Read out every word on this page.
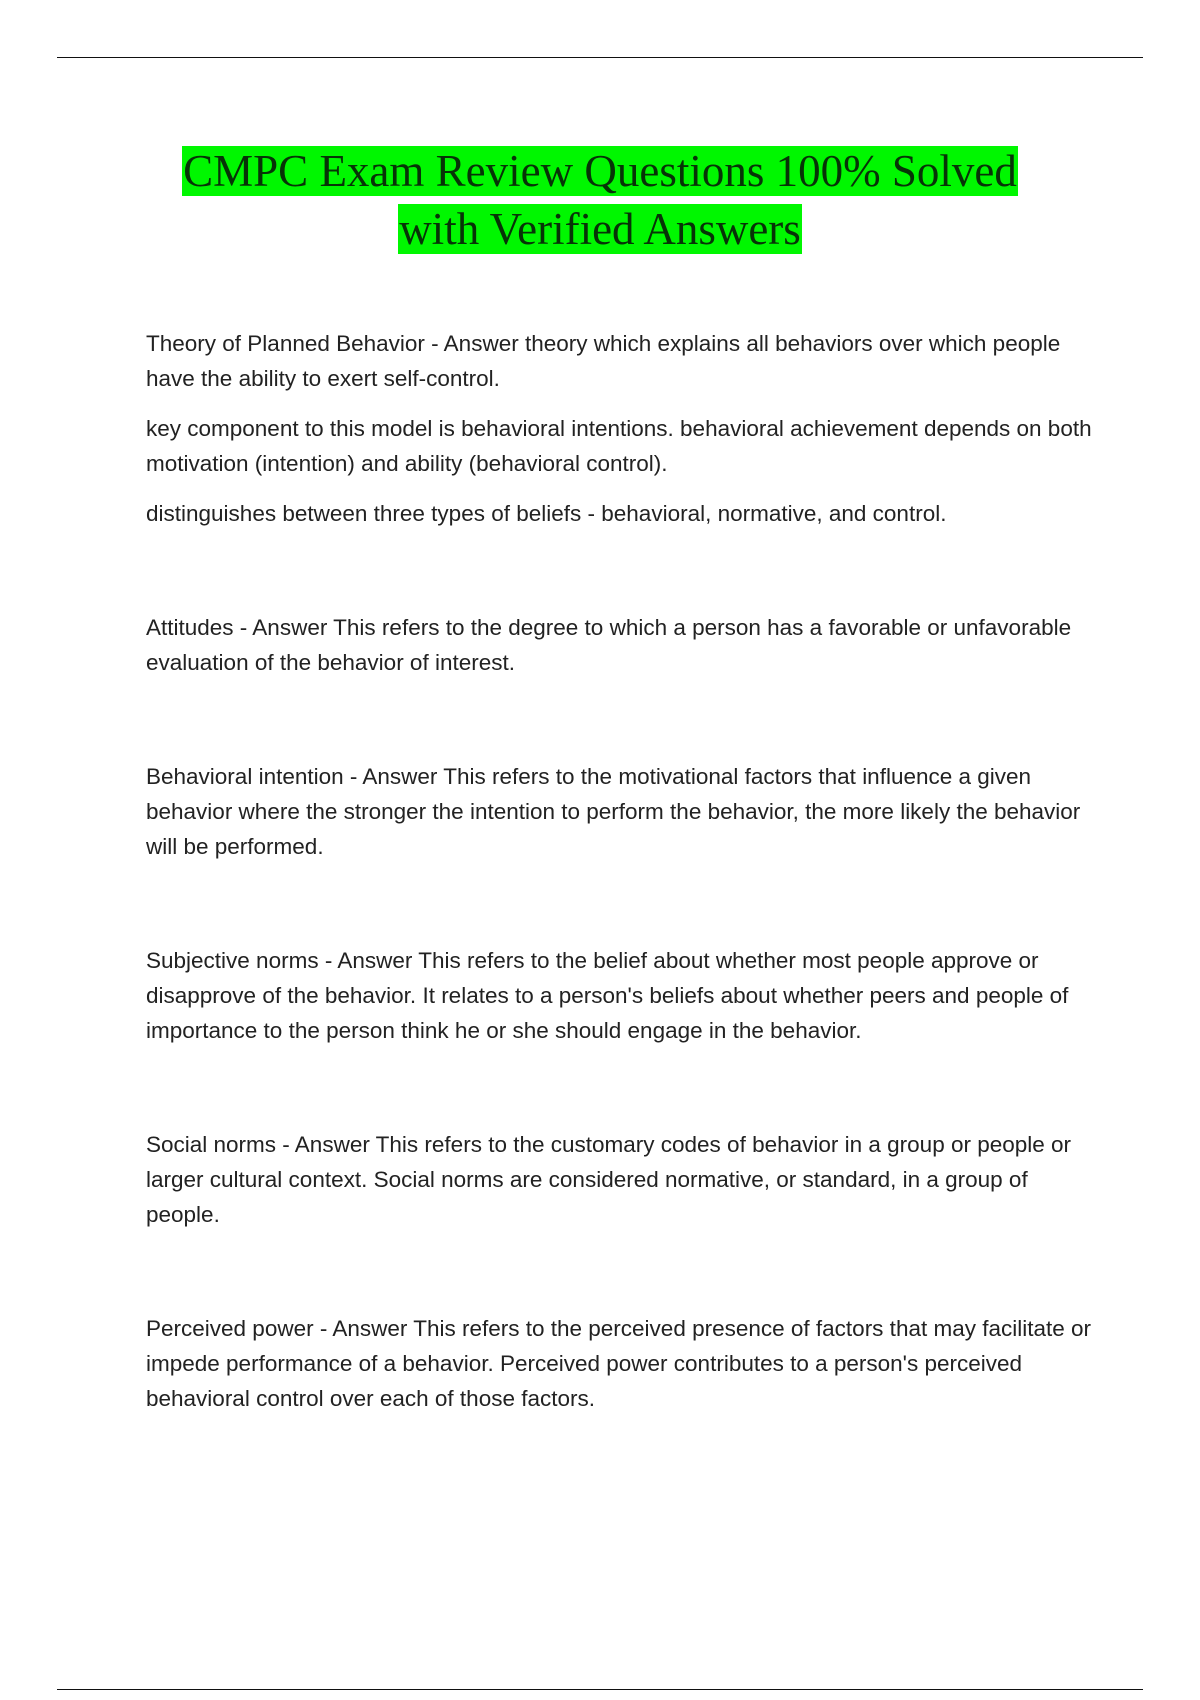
CMPC Exam Review Questions 100% Solved
with Verified Answers

Theory of Planned Behavior - Answer theory which explains all behaviors over which people have the ability to exert self-control.

key component to this model is behavioral intentions. behavioral achievement depends on both motivation (intention) and ability (behavioral control).

distinguishes between three types of beliefs - behavioral, normative, and control.

Attitudes - Answer This refers to the degree to which a person has a favorable or unfavorable evaluation of the behavior of interest.

Behavioral intention - Answer This refers to the motivational factors that influence a given behavior where the stronger the intention to perform the behavior, the more likely the behavior will be performed.

Subjective norms - Answer This refers to the belief about whether most people approve or disapprove of the behavior. It relates to a person's beliefs about whether peers and people of importance to the person think he or she should engage in the behavior.

Social norms - Answer This refers to the customary codes of behavior in a group or people or larger cultural context. Social norms are considered normative, or standard, in a group of people.

Perceived power - Answer This refers to the perceived presence of factors that may facilitate or impede performance of a behavior. Perceived power contributes to a person's perceived behavioral control over each of those factors.
